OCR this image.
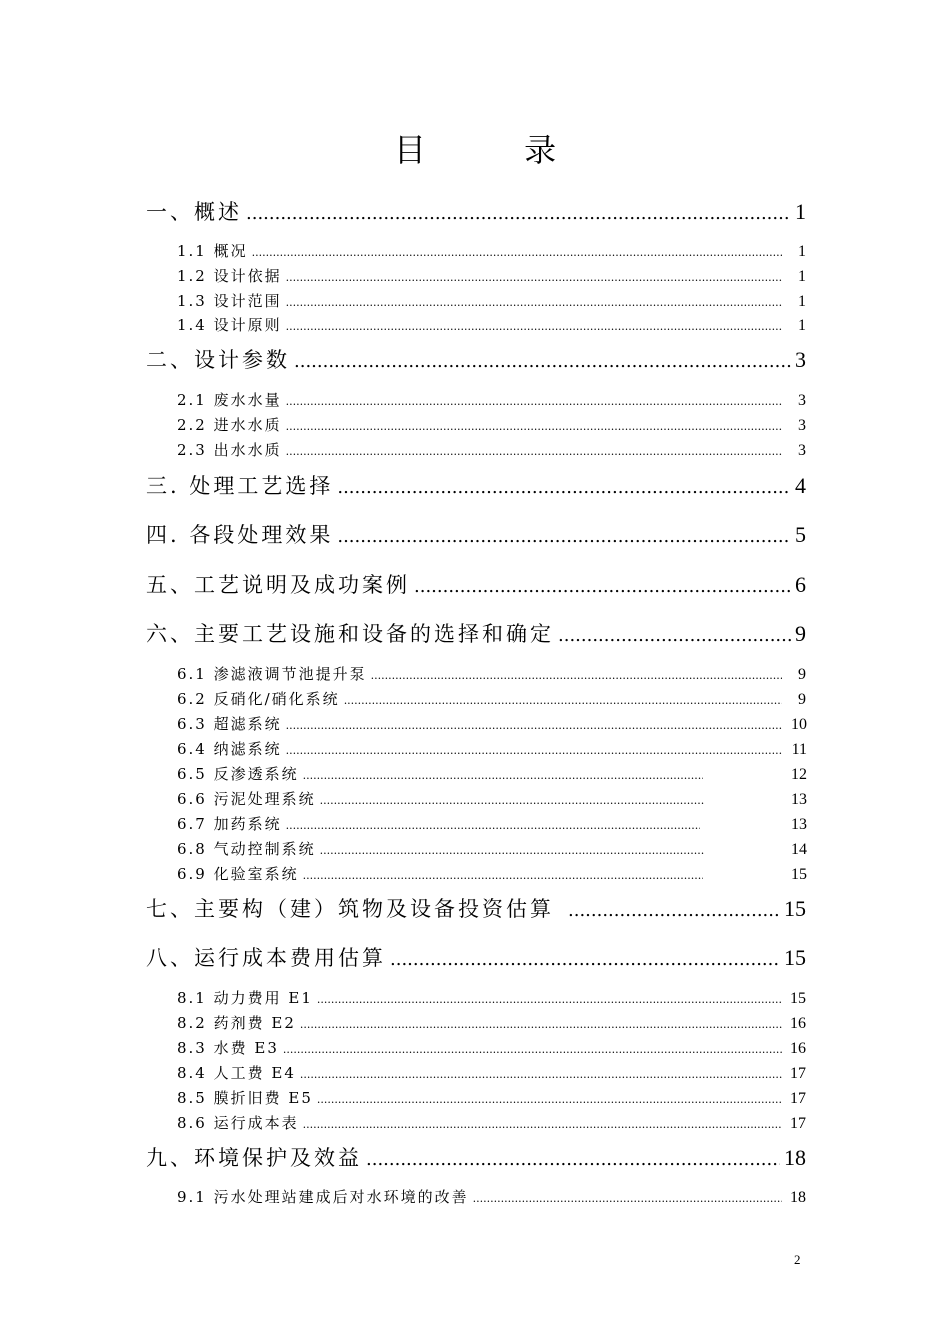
目 录
一、概述 .....	1
1.1 概况 .....	1
1.2 设计依据 .....	1
1.3 设计范围 .....	1
1.4 设计原则 .....	1
二、设计参数 .....	3
2.1 废水水量 .....	3
2.2 进水水质 .....	3
2.3 出水水质 .....	3
三. 处理工艺选择 .....	4
四. 各段处理效果 .....	5
五、工艺说明及成功案例 .....	6
六、主要工艺设施和设备的选择和确定 .....	9
6.1 渗滤液调节池提升泵 .....	9
6.2 反硝化/硝化系统 .....	9
6.3 超滤系统 .....	10
6.4 纳滤系统 .....	11
6.5 反渗透系统 .....	12
6.6 污泥处理系统 .....	13
6.7 加药系统 .....	13
6.8 气动控制系统 .....	14
6.9 化验室系统 .....	15
七、主要构（建）筑物及设备投资估算 .....	15
八、运行成本费用估算 .....	15
8.1 动力费用 E1 .....	15
8.2 药剂费 E2 .....	16
8.3 水费 E3 .....	16
8.4 人工费 E4 .....	17
8.5 膜折旧费 E5 .....	17
8.6 运行成本表 .....	17
九、环境保护及效益 .....	18
9.1 污水处理站建成后对水环境的改善 .....	18
2
